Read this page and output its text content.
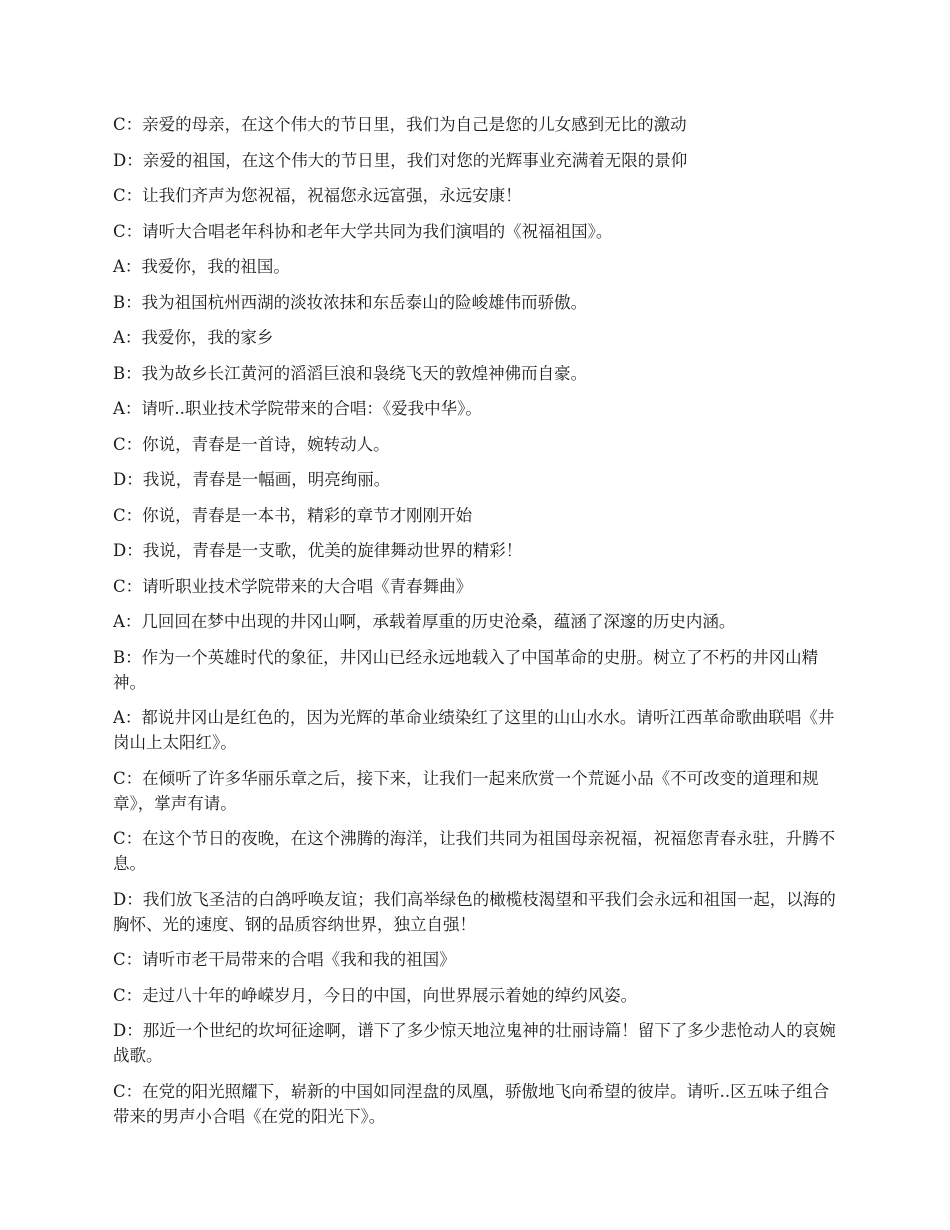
C：亲爱的母亲，在这个伟大的节日里，我们为自己是您的儿女感到无比的激动

D：亲爱的祖国，在这个伟大的节日里，我们对您的光辉事业充满着无限的景仰

C：让我们齐声为您祝福，祝福您永远富强，永远安康！

C：请听大合唱老年科协和老年大学共同为我们演唱的《祝福祖国》。

A：我爱你，我的祖国。

B：我为祖国杭州西湖的淡妆浓抹和东岳泰山的险峻雄伟而骄傲。

A：我爱你，我的家乡

B：我为故乡长江黄河的滔滔巨浪和袅绕飞天的敦煌神佛而自豪。

A：请听..职业技术学院带来的合唱：《爱我中华》。

C：你说，青春是一首诗，婉转动人。

D：我说，青春是一幅画，明亮绚丽。

C：你说，青春是一本书，精彩的章节才刚刚开始

D：我说，青春是一支歌，优美的旋律舞动世界的精彩！

C：请听职业技术学院带来的大合唱《青春舞曲》

A：几回回在梦中出现的井冈山啊，承载着厚重的历史沧桑，蕴涵了深邃的历史内涵。

B：作为一个英雄时代的象征，井冈山已经永远地载入了中国革命的史册。树立了不朽的井冈山精神。

A：都说井冈山是红色的，因为光辉的革命业绩染红了这里的山山水水。请听江西革命歌曲联唱《井岗山上太阳红》。

C：在倾听了许多华丽乐章之后，接下来，让我们一起来欣赏一个荒诞小品《不可改变的道理和规章》，掌声有请。

C：在这个节日的夜晚，在这个沸腾的海洋，让我们共同为祖国母亲祝福，祝福您青春永驻，升腾不息。

D：我们放飞圣洁的白鸽呼唤友谊；我们高举绿色的橄榄枝渴望和平我们会永远和祖国一起，以海的胸怀、光的速度、钢的品质容纳世界，独立自强！

C：请听市老干局带来的合唱《我和我的祖国》

C：走过八十年的峥嵘岁月，今日的中国，向世界展示着她的绰约风姿。

D：那近一个世纪的坎坷征途啊，谱下了多少惊天地泣鬼神的壮丽诗篇！留下了多少悲怆动人的哀婉战歌。

C：在党的阳光照耀下，崭新的中国如同涅盘的凤凰，骄傲地飞向希望的彼岸。请听..区五味子组合带来的男声小合唱《在党的阳光下》。
